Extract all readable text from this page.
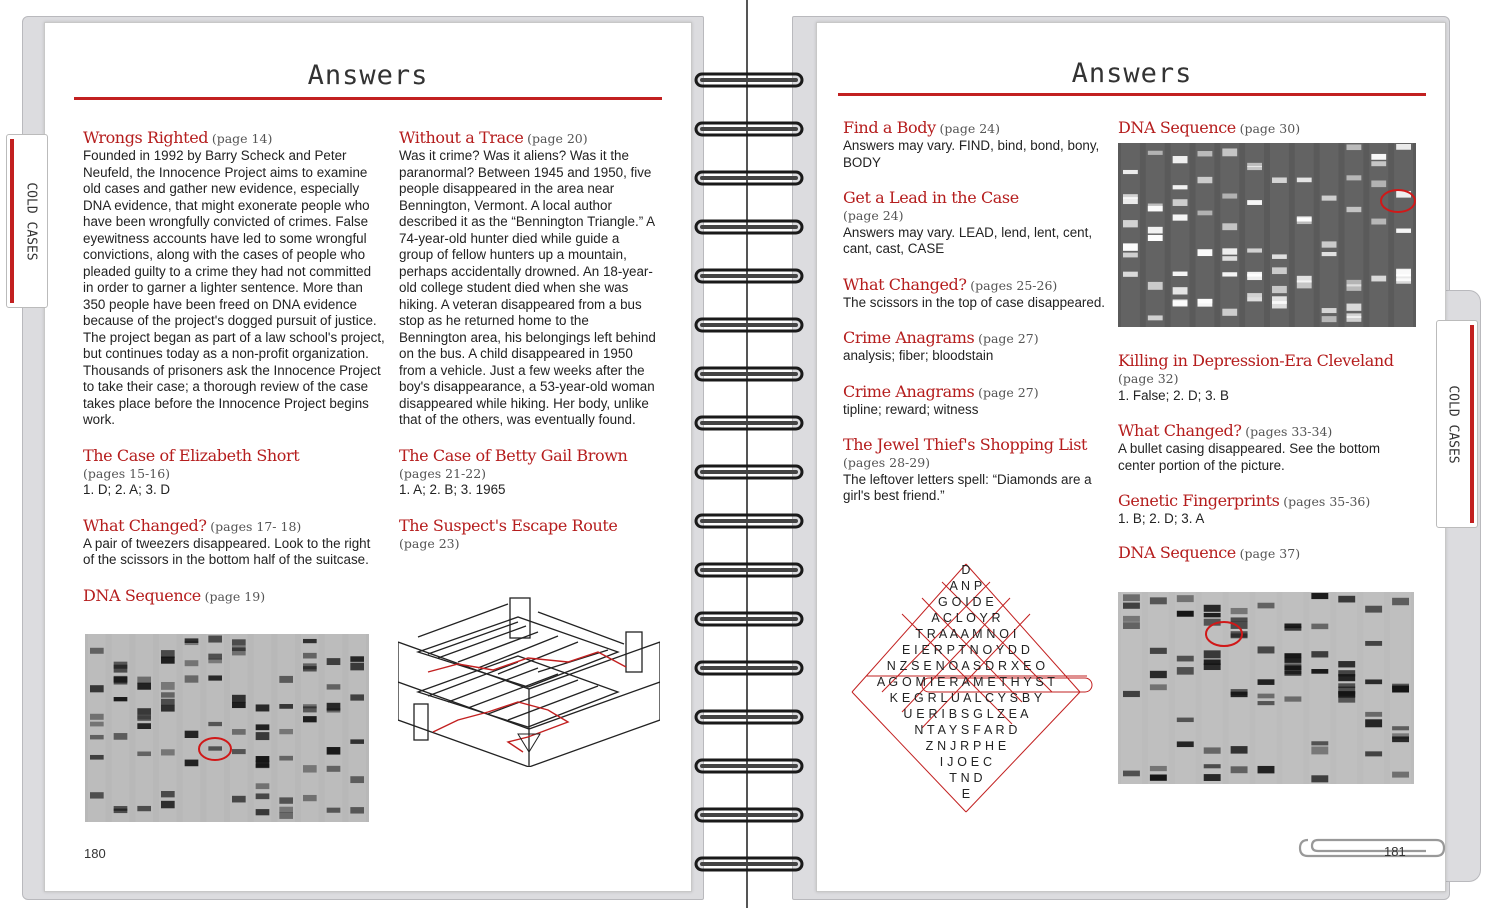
COLD CASES
COLD CASES
Answers	Answers
Wrongs Righted (page 14)
Founded in 1992 by Barry Scheck and Peter Neufeld, the Innocence Project aims to examine old cases and gather new evidence, especially DNA evidence, that might exonerate people who have been wrongfully convicted of crimes. False eyewitness accounts have led to some wrongful convictions, along with the cases of people who pleaded guilty to a crime they had not committed in order to garner a lighter sentence. More than 350 people have been freed on DNA evidence because of the project's dogged pursuit of justice. The project began as part of a law school's project, but continues today as a non-profit organization. Thousands of prisoners ask the Innocence Project to take their case; a thorough review of the case takes place before the Innocence Project begins work.
The Case of Elizabeth Short
(pages 15-16)
1. D; 2. A; 3. D
What Changed? (pages 17- 18)
A pair of tweezers disappeared. Look to the right of the scissors in the bottom half of the suitcase.
DNA Sequence (page 19)
Without a Trace (page 20)
Was it crime? Was it aliens? Was it the paranormal? Between 1945 and 1950, five people disappeared in the area near Bennington, Vermont. A local author described it as the “Bennington Triangle.” A 74-year-old hunter died while guide a group of fellow hunters up a mountain, perhaps accidentally drowned. An 18-year-old college student died when she was hiking. A veteran disappeared from a bus stop as he returned home to the Bennington area, his belongings left behind on the bus. A child disappeared in 1950 from a vehicle. Just a few weeks after the boy's disappearance, a 53-year-old woman disappeared while hiking. Her body, unlike that of the others, was eventually found.
The Case of Betty Gail Brown (pages 21-22)
1. A; 2. B; 3. 1965
The Suspect's Escape Route
(page 23)
Find a Body (page 24)
Answers may vary. FIND, bind, bond, bony, BODY
Get a Lead in the Case
(page 24)
Answers may vary. LEAD, lend, lent, cent, cant, cast, CASE
What Changed? (pages 25-26)
The scissors in the top of case disappeared.
Crime Anagrams (page 27)
analysis; fiber; bloodstain
Crime Anagrams (page 27)
tipline; reward; witness
The Jewel Thief's Shopping List (pages 28-29)
The leftover letters spell: “Diamonds are a girl's best friend.”
DNA Sequence (page 30)
Killing in Depression-Era Cleveland (page 32)
1. False; 2. D; 3. B
What Changed? (pages 33-34)
A bullet casing disappeared. See the bottom center portion of the picture.
Genetic Fingerprints (pages 35-36)
1. B; 2. D; 3. A
DNA Sequence (page 37)
D
A N P
G O I D E
A C L O Y R
T R A A A M N O I
E I E R P T N O Y D D
N Z S E N O A S D R X E O
A G O M I E R A M E T H Y S T
K E G R L U A L C Y S B Y
U E R I B S G L Z E A
N T A Y S F A R D
Z N J R P H E
I J O E C
T N D
E
180	181
